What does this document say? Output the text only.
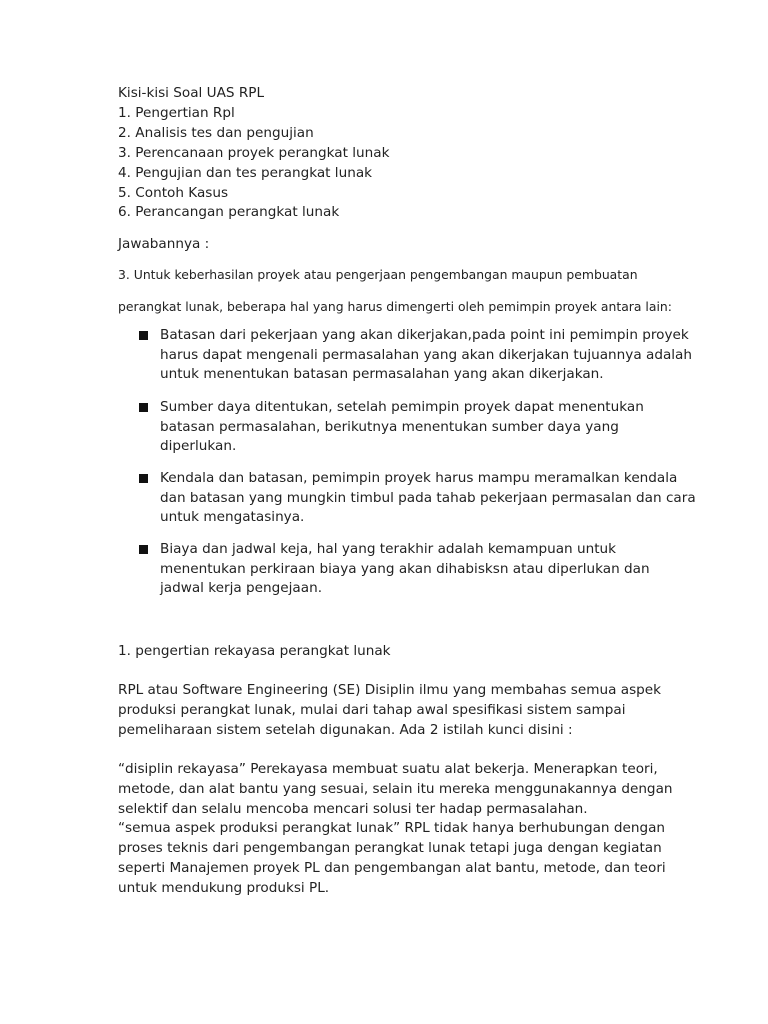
Kisi-kisi Soal UAS RPL
1. Pengertian Rpl
2. Analisis tes dan pengujian
3. Perencanaan proyek perangkat lunak
4. Pengujian dan tes perangkat lunak
5. Contoh Kasus
6. Perancangan perangkat lunak
Jawabannya :
3. Untuk keberhasilan proyek atau pengerjaan pengembangan maupun pembuatan
perangkat lunak, beberapa hal yang harus dimengerti oleh pemimpin proyek antara lain:
Batasan dari pekerjaan yang akan dikerjakan,pada point ini pemimpin proyek
harus dapat mengenali permasalahan yang akan dikerjakan tujuannya adalah
untuk menentukan batasan permasalahan yang akan dikerjakan.
Sumber daya ditentukan, setelah pemimpin proyek dapat menentukan
batasan permasalahan, berikutnya menentukan sumber daya yang
diperlukan.
Kendala dan batasan, pemimpin proyek harus mampu meramalkan kendala
dan batasan yang mungkin timbul pada tahab pekerjaan permasalan dan cara
untuk mengatasinya.
Biaya dan jadwal keja, hal yang terakhir adalah kemampuan untuk
menentukan perkiraan biaya yang akan dihabisksn atau diperlukan dan
jadwal kerja pengejaan.
1. pengertian rekayasa perangkat lunak
RPL atau Software Engineering (SE) Disiplin ilmu yang membahas semua aspek
produksi perangkat lunak, mulai dari tahap awal spesifikasi sistem sampai
pemeliharaan sistem setelah digunakan. Ada 2 istilah kunci disini :
“disiplin rekayasa” Perekayasa membuat suatu alat bekerja. Menerapkan teori,
metode, dan alat bantu yang sesuai, selain itu mereka menggunakannya dengan
selektif dan selalu mencoba mencari solusi ter hadap permasalahan.
“semua aspek produksi perangkat lunak” RPL tidak hanya berhubungan dengan
proses teknis dari pengembangan perangkat lunak tetapi juga dengan kegiatan
seperti Manajemen proyek PL dan pengembangan alat bantu, metode, dan teori
untuk mendukung produksi PL.
